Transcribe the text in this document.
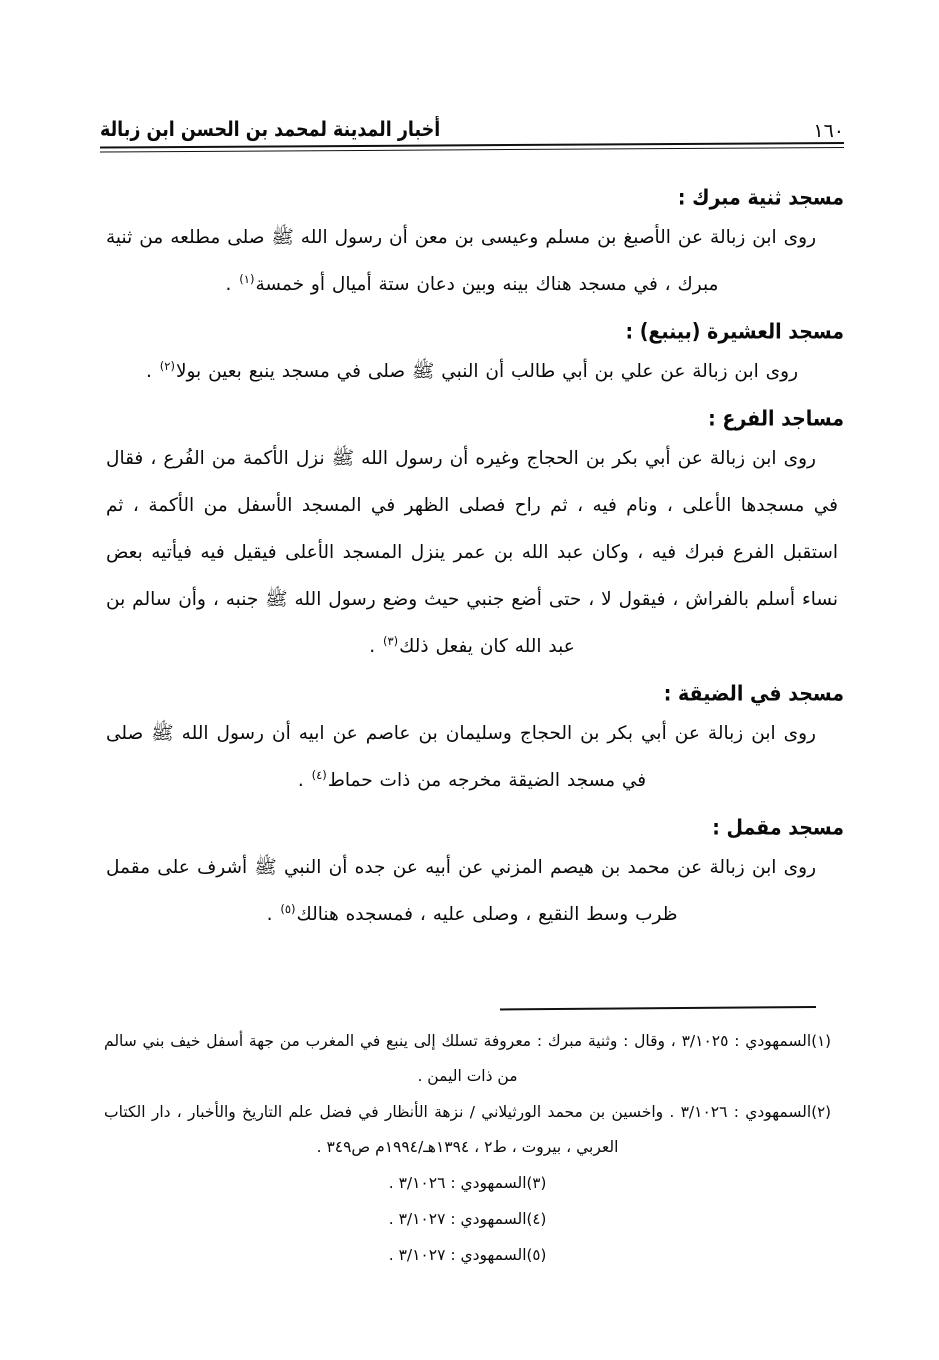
أخبار المدينة لمحمد بن الحسن ابن زبالة	١٦٠
مسجد ثنية مبرك :

روى ابن زبالة عن الأصبغ بن مسلم وعيسى بن معن أن رسول الله ﷺ صلى مطلعه من ثنية مبرك ، في مسجد هناك بينه وبين دعان ستة أميال أو خمسة$^{(١)}$ .

مسجد العشيرة (بينبع) :

روى ابن زبالة عن علي بن أبي طالب أن النبي ﷺ صلى في مسجد ينبع بعين بولا$^{(٢)}$ .

مساجد الفرع :

روى ابن زبالة عن أبي بكر بن الحجاج وغيره أن رسول الله ﷺ نزل الأكمة من الفُرع ، فقال في مسجدها الأعلى ، ونام فيه ، ثم راح فصلى الظهر في المسجد الأسفل من الأكمة ، ثم استقبل الفرع فبرك فيه ، وكان عبد الله بن عمر ينزل المسجد الأعلى فيقيل فيه فيأتيه بعض نساء أسلم بالفراش ، فيقول لا ، حتى أضع جنبي حيث وضع رسول الله ﷺ جنبه ، وأن سالم بن عبد الله كان يفعل ذلك$^{(٣)}$ .

مسجد في الضيقة :

روى ابن زبالة عن أبي بكر بن الحجاج وسليمان بن عاصم عن ابيه أن رسول الله ﷺ صلى في مسجد الضيقة مخرجه من ذات حماط$^{(٤)}$ .

مسجد مقمل :

روى ابن زبالة عن محمد بن هيصم المزني عن أبيه عن جده أن النبي ﷺ أشرف على مقمل ظرب وسط النقيع ، وصلى عليه ، فمسجده هنالك$^{(٥)}$ .

(١)السمهودي : ٣/١٠٢٥ ، وقال : وثنية مبرك : معروفة تسلك إلى ينبع في المغرب من جهة أسفل خيف بني سالم من ذات اليمن .

(٢)السمهودي : ٣/١٠٢٦ . واخسين بن محمد الورثيلاني / نزهة الأنظار في فضل علم التاريخ والأخبار ، دار الكتاب العربي ، بيروت ، ط٢ ، ١٣٩٤هـ/١٩٩٤م ص٣٤٩ .

(٣)السمهودي : ٣/١٠٢٦ .

(٤)السمهودي : ٣/١٠٢٧ .

(٥)السمهودي : ٣/١٠٢٧ .
